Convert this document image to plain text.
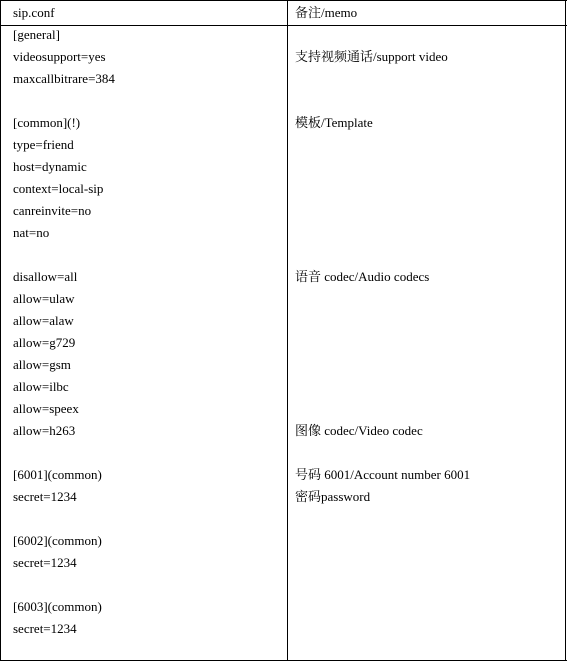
sip.conf	备注/memo
[general]
videosupport=yes
maxcallbitrare=384
[common](!)
type=friend
host=dynamic
context=local-sip
canreinvite=no
nat=no
disallow=all
allow=ulaw
allow=alaw
allow=g729
allow=gsm
allow=ilbc
allow=speex
allow=h263
[6001](common)
secret=1234
[6002](common)
secret=1234
[6003](common)
secret=1234
支持视频通话/support video
模板/Template
语音 codec/Audio codecs
图像 codec/Video codec
号码 6001/Account number 6001
密码password
